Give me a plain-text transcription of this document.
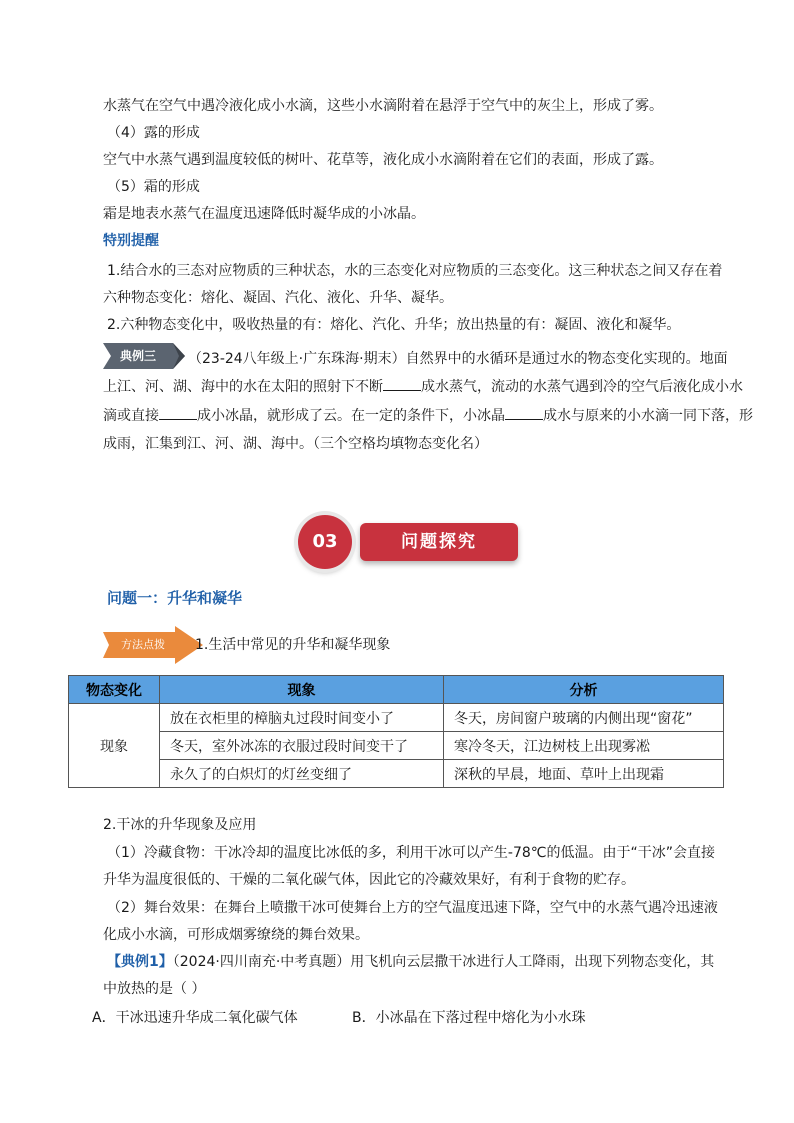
水蒸气在空气中遇冷液化成小水滴，这些小水滴附着在悬浮于空气中的灰尘上，形成了雾。
（4）露的形成
空气中水蒸气遇到温度较低的树叶、花草等，液化成小水滴附着在它们的表面，形成了露。
（5）霜的形成
霜是地表水蒸气在温度迅速降低时凝华成的小冰晶。
特别提醒
1.结合水的三态对应物质的三种状态，水的三态变化对应物质的三态变化。这三种状态之间又存在着
六种物态变化：熔化、凝固、汽化、液化、升华、凝华。
2.六种物态变化中，吸收热量的有：熔化、汽化、升华；放出热量的有：凝固、液化和凝华。
典例三	（23-24八年级上·广东珠海·期末）自然界中的水循环是通过水的物态变化实现的。地面
上江、河、湖、海中的水在太阳的照射下不断	成水蒸气，流动的水蒸气遇到冷的空气后液化成小水
滴或直接	成小冰晶，就形成了云。在一定的条件下，小冰晶	成水与原来的小水滴一同下落，形
成雨，汇集到江、河、湖、海中。（三个空格均填物态变化名）
03	问题探究
问题一：升华和凝华
方法点拨	1.生活中常见的升华和凝华现象
物态变化	现象	分析
现象	放在衣柜里的樟脑丸过段时间变小了	冬天，房间窗户玻璃的内侧出现“窗花”
	冬天，室外冰冻的衣服过段时间变干了	寒冷冬天，江边树枝上出现雾凇
	永久了的白炽灯的灯丝变细了	深秋的早晨，地面、草叶上出现霜
2.干冰的升华现象及应用
（1）冷藏食物：干冰冷却的温度比冰低的多，利用干冰可以产生-78℃的低温。由于“干冰”会直接
升华为温度很低的、干燥的二氧化碳气体，因此它的冷藏效果好，有利于食物的贮存。
（2）舞台效果：在舞台上喷撒干冰可使舞台上方的空气温度迅速下降，空气中的水蒸气遇冷迅速液
化成小水滴，可形成烟雾缭绕的舞台效果。
【典例1】（2024·四川南充·中考真题）用飞机向云层撒干冰进行人工降雨，出现下列物态变化，其
中放热的是（ ）
A．干冰迅速升华成二氧化碳气体	B．小冰晶在下落过程中熔化为小水珠
